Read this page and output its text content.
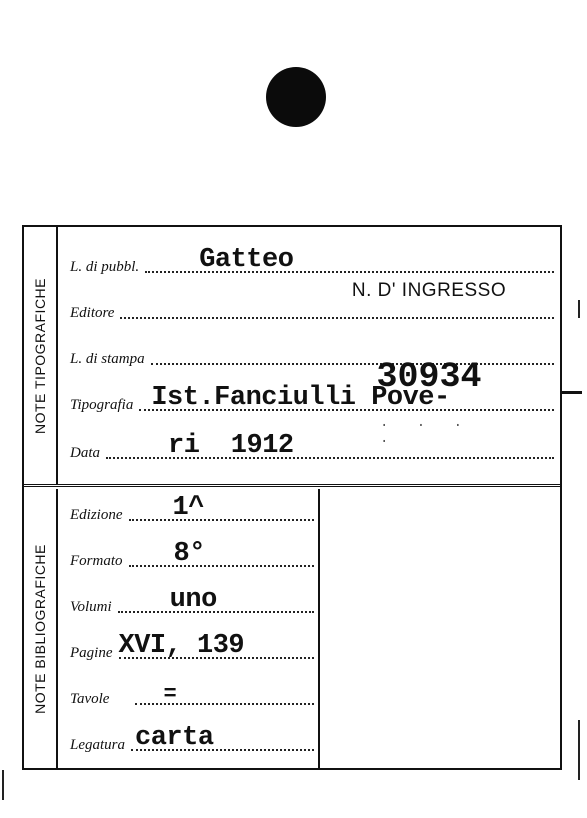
NOTE TIPOGRAFICHE
NOTE BIBLIOGRAFICHE
L. di pubbl. Gatteo
Editore
L. di stampa
Tipografia Ist.Fanciulli Pove-
Data	ri  1912
Edizione 1^
Formato 8°
Volumi uno
Pagine XVI, 139
Tavole =
Legatura carta
N. D' INGRESSO
30934
· · · ·
